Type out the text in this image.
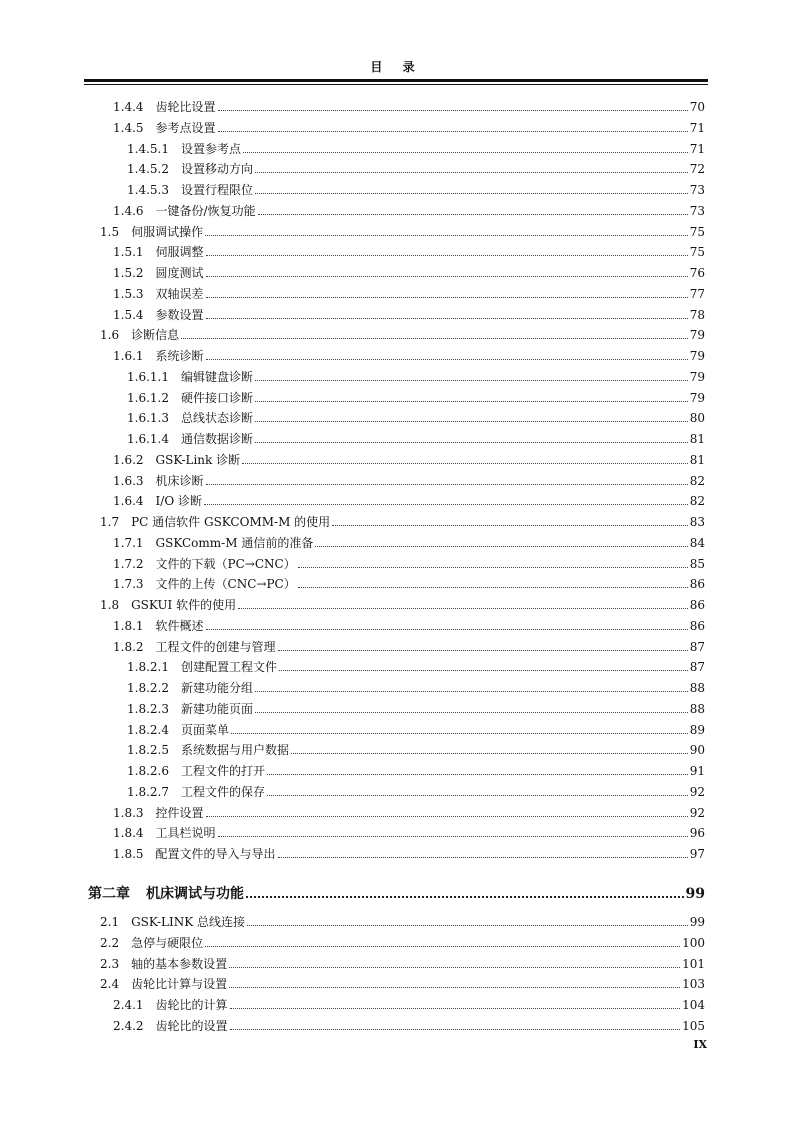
目 录
1.4.4 齿轮比设置	70
1.4.5 参考点设置	71
1.4.5.1 设置参考点	71
1.4.5.2 设置移动方向	72
1.4.5.3 设置行程限位	73
1.4.6 一键备份/恢复功能	73
1.5 伺服调试操作	75
1.5.1 伺服调整	75
1.5.2 圆度测试	76
1.5.3 双轴误差	77
1.5.4 参数设置	78
1.6 诊断信息	79
1.6.1 系统诊断	79
1.6.1.1 编辑键盘诊断	79
1.6.1.2 硬件接口诊断	79
1.6.1.3 总线状态诊断	80
1.6.1.4 通信数据诊断	81
1.6.2 GSK-Link 诊断	81
1.6.3 机床诊断	82
1.6.4 I/O 诊断	82
1.7 PC 通信软件 GSKCOMM-M 的使用	83
1.7.1 GSKComm-M 通信前的准备	84
1.7.2 文件的下载（PC→CNC）	85
1.7.3 文件的上传（CNC→PC）	86
1.8 GSKUI 软件的使用	86
1.8.1 软件概述	86
1.8.2 工程文件的创建与管理	87
1.8.2.1 创建配置工程文件	87
1.8.2.2 新建功能分组	88
1.8.2.3 新建功能页面	88
1.8.2.4 页面菜单	89
1.8.2.5 系统数据与用户数据	90
1.8.2.6 工程文件的打开	91
1.8.2.7 工程文件的保存	92
1.8.3 控件设置	92
1.8.4 工具栏说明	96
1.8.5 配置文件的导入与导出	97
第二章 机床调试与功能	99
2.1 GSK-LINK 总线连接	99
2.2 急停与硬限位	100
2.3 轴的基本参数设置	101
2.4 齿轮比计算与设置	103
2.4.1 齿轮比的计算	104
2.4.2 齿轮比的设置	105
IX
